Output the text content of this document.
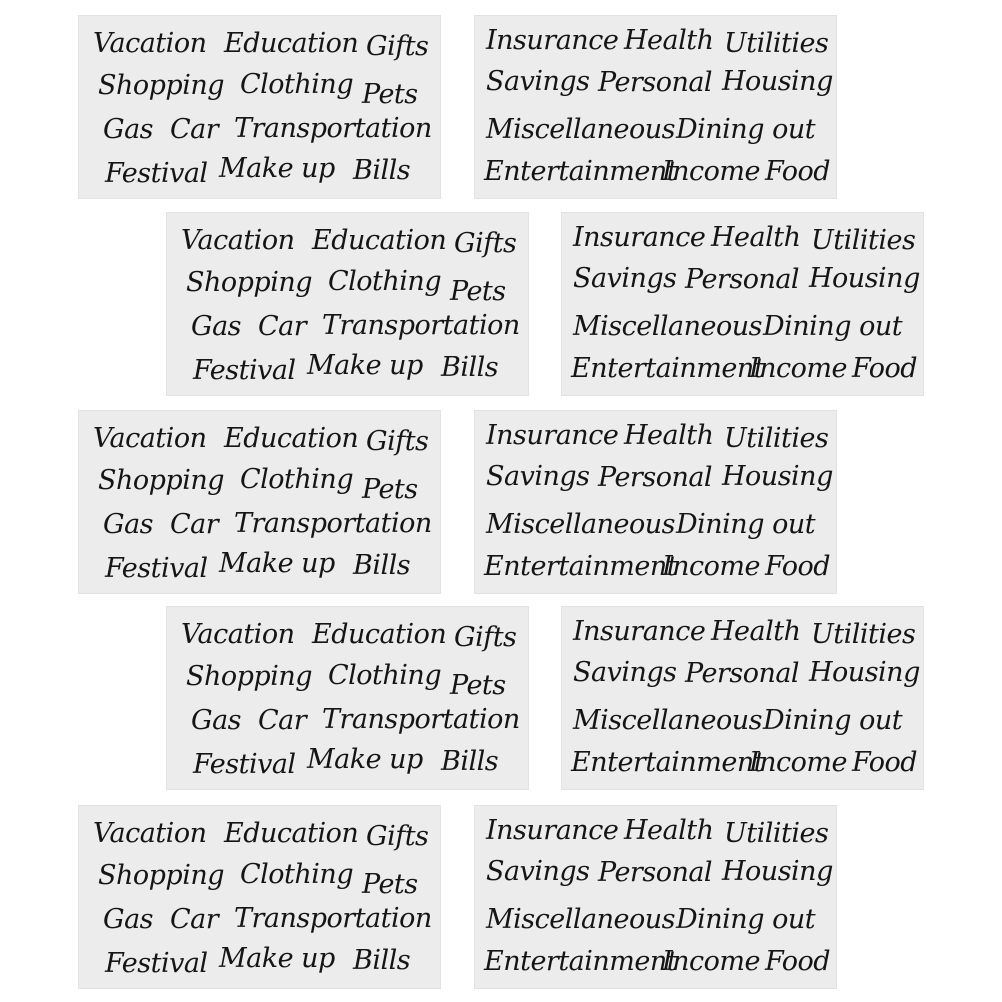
Vacation Education Gifts
Shopping Clothing Pets
Gas Car Transportation
Festival Make up Bills
Insurance Health Utilities
Savings Personal Housing
Miscellaneous Dining out
Entertainment
Income Food
Vacation Education Gifts
Shopping Clothing Pets
Gas Car Transportation
Festival Make up Bills
Insurance Health Utilities
Savings Personal Housing
Miscellaneous Dining out
Entertainment
Income Food
Vacation Education Gifts
Shopping Clothing Pets
Gas Car Transportation
Festival Make up Bills
Insurance Health Utilities
Savings Personal Housing
Miscellaneous Dining out
Entertainment
Income Food
Vacation Education Gifts
Shopping Clothing Pets
Gas Car Transportation
Festival Make up Bills
Insurance Health Utilities
Savings Personal Housing
Miscellaneous Dining out
Entertainment
Income Food
Vacation Education Gifts
Shopping Clothing Pets
Gas Car Transportation
Festival Make up Bills
Insurance Health Utilities
Savings Personal Housing
Miscellaneous Dining out
Entertainment
Income Food
